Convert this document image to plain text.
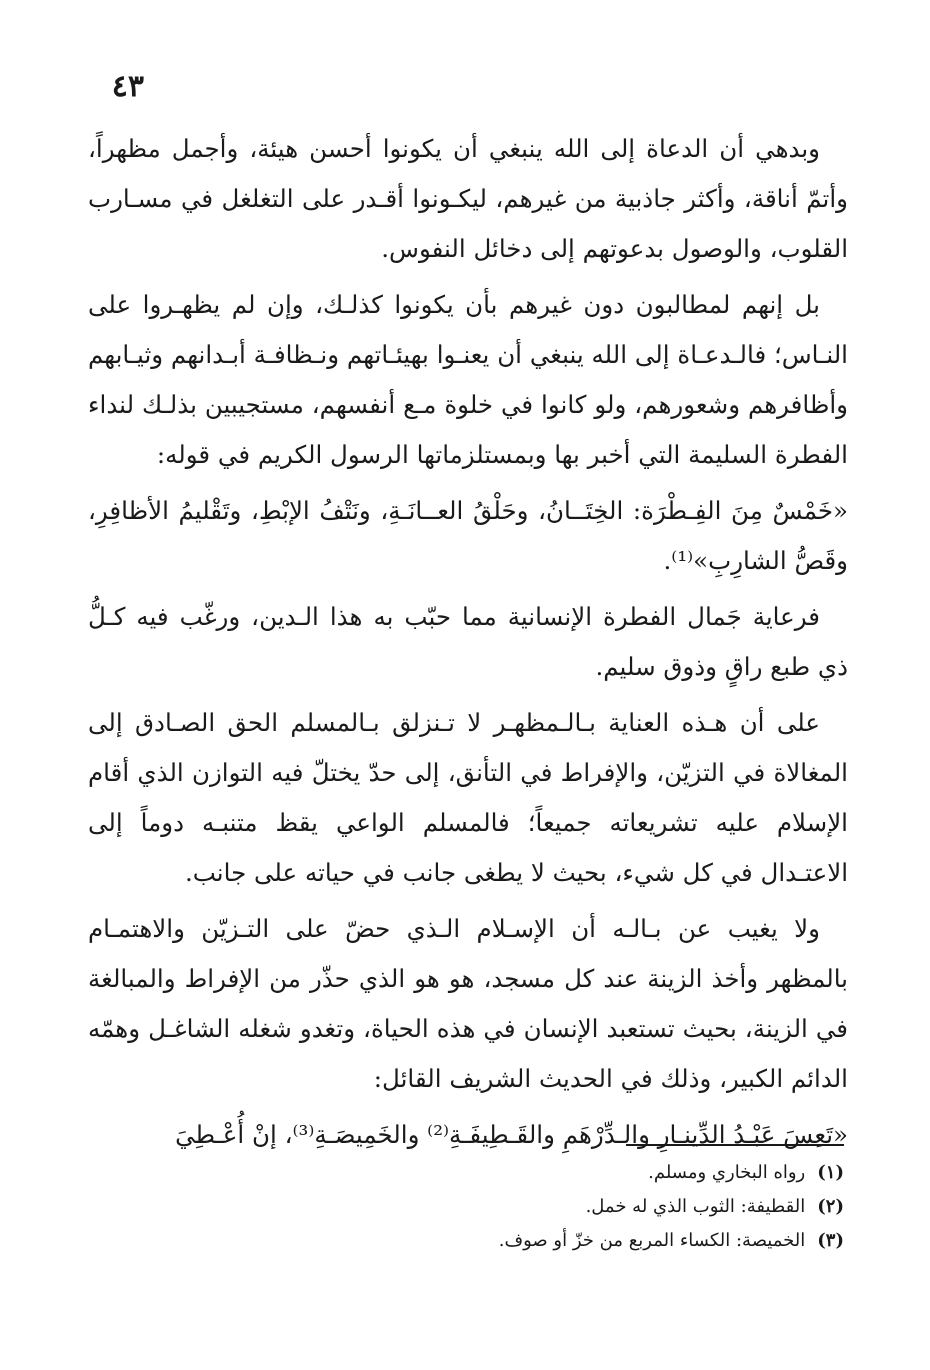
٤٣

وبدهي أن الدعاة إلى الله ينبغي أن يكونوا أحسن هيئة، وأجمل مظهراً، وأتمّ أناقة، وأكثر جاذبية من غيرهم، ليكـونوا أقـدر على التغلغل في مسـارب القلوب، والوصول بدعوتهم إلى دخائل النفوس.

بل إنهم لمطالبون دون غيرهم بأن يكونوا كذلـك، وإن لم يظهـروا على النـاس؛ فالـدعـاة إلى الله ينبغي أن يعنـوا بهيئـاتهم ونـظافـة أبـدانهم وثيـابهم وأظافرهم وشعورهم، ولو كانوا في خلوة مـع أنفسهم، مستجيبين بذلـك لنداء الفطرة السليمة التي أخبر بها وبمستلزماتها الرسول الكريم في قوله:

«خَمْسٌ مِنَ الفِـطْرَة: الخِتَــانُ، وحَلْقُ العــانَـةِ، ونَتْفُ الإبْطِ، وتَقْليمُ الأظافِرِ، وقَصُّ الشارِبِ»⁽¹⁾.

فرعاية جَمال الفطرة الإنسانية مما حبّب به هذا الـدين، ورغّب فيه كـلُّ ذي طبع راقٍ وذوق سليم.

على أن هـذه العناية بـالـمظهـر لا تـنزلق بـالمسلم الحق الصـادق إلى المغالاة في التزيّن، والإفراط في التأنق، إلى حدّ يختلّ فيه التوازن الذي أقام الإسلام عليه تشريعاته جميعاً؛ فالمسلم الواعي يقظ متنبـه دوماً إلى الاعتـدال في كل شيء، بحيث لا يطغى جانب في حياته على جانب.

ولا يغيب عن بـالـه أن الإسـلام الـذي حضّ على التـزيّن والاهتمـام بالمظهر وأخذ الزينة عند كل مسجد، هو هو الذي حذّر من الإفراط والمبالغة في الزينة، بحيث تستعبد الإنسان في هذه الحياة، وتغدو شغله الشاغـل وهمّه الدائم الكبير، وذلك في الحديث الشريف القائل:

«تَعِسَ عَبْـدُ الدِّينـارِ والـدِّرْهَمِ والقَـطِيفَـةِ⁽²⁾ والخَمِيصَـةِ⁽³⁾، إنْ أُعْـطِيَ

(١)رواه البخاري ومسلم.

(٢)القطيفة: الثوب الذي له خمل.

(٣)الخميصة: الكساء المربع من خزّ أو صوف.
